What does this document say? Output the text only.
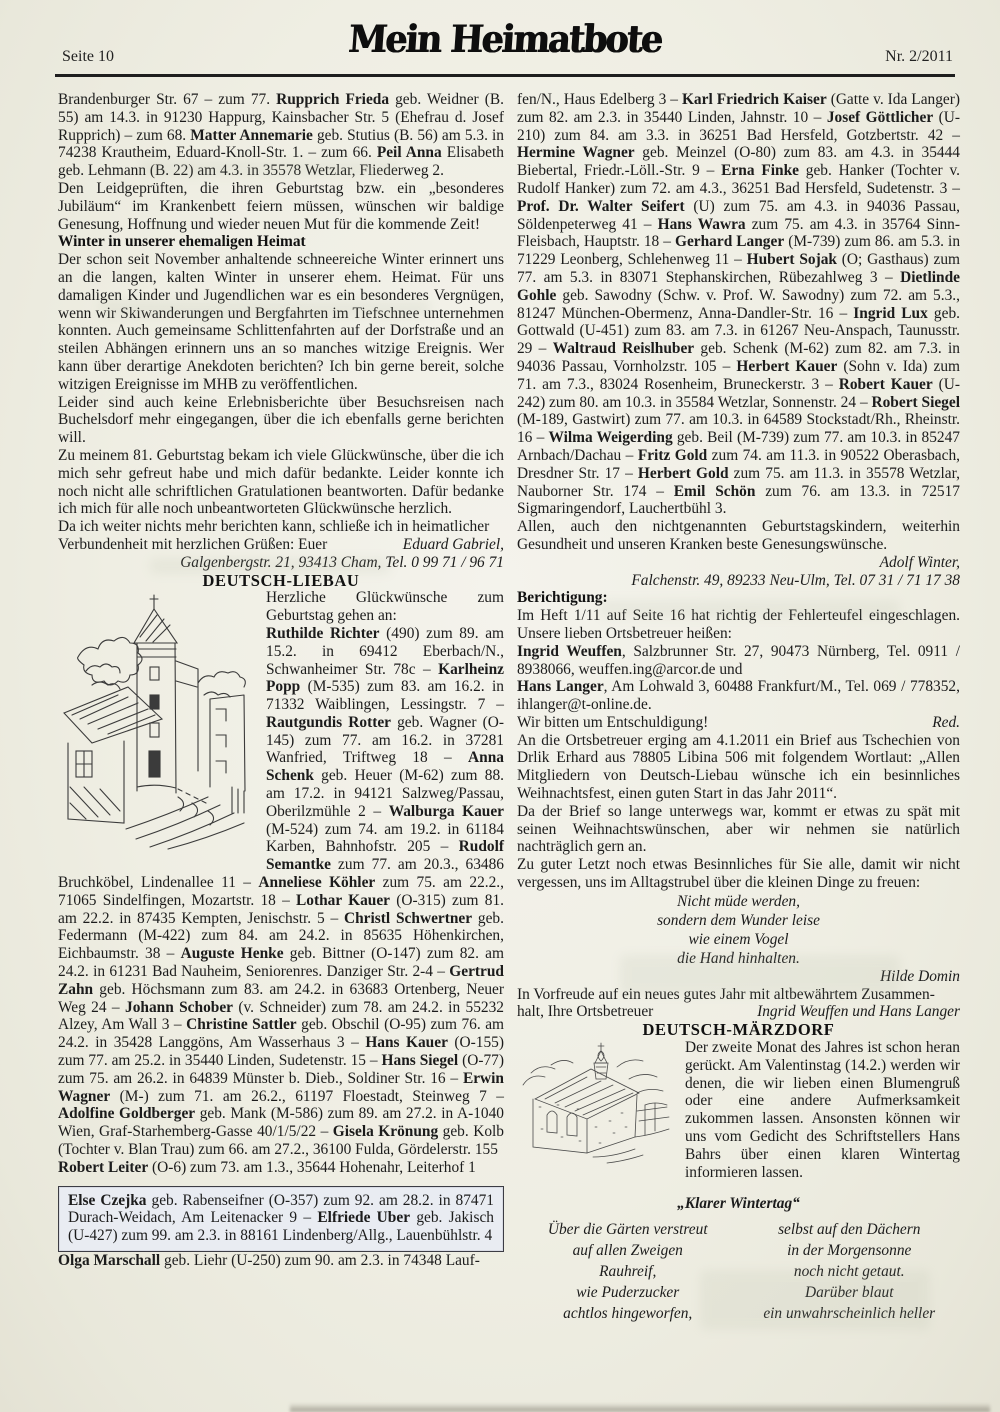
Seite 10	Mein Heimatbote	Nr. 2/2011

Brandenburger Str. 67 – zum 77. Rupprich Frieda geb. Weidner (B. 55) am 14.3. in 91230 Happurg, Kainsbacher Str. 5 (Ehefrau d. Josef Rupprich) – zum 68. Matter Annemarie geb. Stutius (B. 56) am 5.3. in 74238 Krautheim, Eduard-Knoll-Str. 1. – zum 66. Peil Anna Elisabeth geb. Lehmann (B. 22) am 4.3. in 35578 Wetzlar, Fliederweg 2.

Den Leidgeprüften, die ihren Geburtstag bzw. ein „besonderes Jubiläum“ im Krankenbett feiern müssen, wünschen wir baldige Genesung, Hoffnung und wieder neuen Mut für die kommende Zeit!

Winter in unserer ehemaligen Heimat

Der schon seit November anhaltende schneereiche Winter erinnert uns an die langen, kalten Winter in unserer ehem. Heimat. Für uns damaligen Kinder und Jugendlichen war es ein besonderes Vergnügen, wenn wir Skiwanderungen und Bergfahrten im Tiefschnee unternehmen konnten. Auch gemeinsame Schlittenfahrten auf der Dorfstraße und an steilen Abhängen erinnern uns an so manches witzige Ereignis. Wer kann über derartige Anekdoten berichten? Ich bin gerne bereit, solche witzigen Ereignisse im MHB zu veröffentlichen.

Leider sind auch keine Erlebnisberichte über Besuchsreisen nach Buchelsdorf mehr eingegangen, über die ich ebenfalls gerne berichten will.

Zu meinem 81. Geburtstag bekam ich viele Glückwünsche, über die ich mich sehr gefreut habe und mich dafür bedankte. Leider konnte ich noch nicht alle schriftlichen Gratulationen beantworten. Dafür bedanke ich mich für alle noch unbeantworteten Glückwünsche herzlich.

Da ich weiter nichts mehr berichten kann, schließe ich in heimatlicher

Verbundenheit mit herzlichen Grüßen: Euer	Eduard Gabriel,
Galgenbergstr. 21, 93413 Cham, Tel. 0 99 71 / 96 71
DEUTSCH-LIEBAU

Herzliche Glückwünsche zum Geburtstag gehen an:

Ruthilde Richter (490) zum 89. am 15.2. in 69412 Eberbach/N., Schwanheimer Str. 78c – Karlheinz Popp (M-535) zum 83. am 16.2. in 71332 Waiblingen, Lessingstr. 7 – Rautgundis Rotter geb. Wagner (O-145) zum 77. am 16.2. in 37281 Wanfried, Triftweg 18 – Anna Schenk geb. Heuer (M-62) zum 88. am 17.2. in 94121 Salzweg/Passau, Oberilzmühle 2 – Walburga Kauer (M-524) zum 74. am 19.2. in 61184 Karben, Bahnhofstr. 205 – Rudolf Semantke zum 77. am 20.3., 63486 Bruchköbel, Lindenallee 11 – Anneliese Köhler zum 75. am 22.2., 71065 Sindelfingen, Mozartstr. 18 – Lothar Kauer (O-315) zum 81. am 22.2. in 87435 Kempten, Jenischstr. 5 – Christl Schwertner geb. Federmann (M-422) zum 84. am 24.2. in 85635 Höhenkirchen, Eichbaumstr. 38 – Auguste Henke geb. Bittner (O-147) zum 82. am 24.2. in 61231 Bad Nauheim, Seniorenres. Danziger Str. 2-4 – Gertrud Zahn geb. Höchsmann zum 83. am 24.2. in 63683 Ortenberg, Neuer Weg 24 – Johann Schober (v. Schneider) zum 78. am 24.2. in 55232 Alzey, Am Wall 3 – Christine Sattler geb. Obschil (O-95) zum 76. am 24.2. in 35428 Langgöns, Am Wasserhaus 3 – Hans Kauer (O-155) zum 77. am 25.2. in 35440 Linden, Sudetenstr. 15 – Hans Siegel (O-77) zum 75. am 26.2. in 64839 Münster b. Dieb., Soldiner Str. 16 – Erwin Wagner (M-) zum 71. am 26.2., 61197 Floestadt, Steinweg 7 – Adolfine Goldberger geb. Mank (M-586) zum 89. am 27.2. in A-1040 Wien, Graf-Starhemberg-Gasse 40/1/5/22 – Gisela Krönung geb. Kolb (Tochter v. Blan Trau) zum 66. am 27.2., 36100 Fulda, Gördelerstr. 155

Robert Leiter (O-6) zum 73. am 1.3., 35644 Hohenahr, Leiterhof 1

Else Czejka geb. Rabenseifner (O-357) zum 92. am 28.2. in 87471 Durach-Weidach, Am Leitenacker 9 – Elfriede Uber geb. Jakisch (U-427) zum 99. am 2.3. in 88161 Lindenberg/Allg., Lauenbühlstr. 4

Olga Marschall geb. Liehr (U-250) zum 90. am 2.3. in 74348 Lauf-

fen/N., Haus Edelberg 3 – Karl Friedrich Kaiser (Gatte v. Ida Langer) zum 82. am 2.3. in 35440 Linden, Jahnstr. 10 – Josef Göttlicher (U-210) zum 84. am 3.3. in 36251 Bad Hersfeld, Gotzbertstr. 42 – Hermine Wagner geb. Meinzel (O-80) zum 83. am 4.3. in 35444 Biebertal, Friedr.-Löll.-Str. 9 – Erna Finke geb. Hanker (Tochter v. Rudolf Hanker) zum 72. am 4.3., 36251 Bad Hersfeld, Sudetenstr. 3 – Prof. Dr. Walter Seifert (U) zum 75. am 4.3. in 94036 Passau, Söldenpeterweg 41 – Hans Wawra zum 75. am 4.3. in 35764 Sinn-Fleisbach, Hauptstr. 18 – Gerhard Langer (M-739) zum 86. am 5.3. in 71229 Leonberg, Schlehenweg 11 – Hubert Sojak (O; Gasthaus) zum 77. am 5.3. in 83071 Stephanskirchen, Rübezahlweg 3 – Dietlinde Gohle geb. Sawodny (Schw. v. Prof. W. Sawodny) zum 72. am 5.3., 81247 München-Obermenz, Anna-Dandler-Str. 16 – Ingrid Lux geb. Gottwald (U-451) zum 83. am 7.3. in 61267 Neu-Anspach, Taunusstr. 29 – Waltraud Reislhuber geb. Schenk (M-62) zum 82. am 7.3. in 94036 Passau, Vornholzstr. 105 – Herbert Kauer (Sohn v. Ida) zum 71. am 7.3., 83024 Rosenheim, Bruneckerstr. 3 – Robert Kauer (U-242) zum 80. am 10.3. in 35584 Wetzlar, Sonnenstr. 24 – Robert Siegel (M-189, Gastwirt) zum 77. am 10.3. in 64589 Stockstadt/Rh., Rheinstr. 16 – Wilma Weigerding geb. Beil (M-739) zum 77. am 10.3. in 85247 Arnbach/Dachau – Fritz Gold zum 74. am 11.3. in 90522 Oberasbach, Dresdner Str. 17 – Herbert Gold zum 75. am 11.3. in 35578 Wetzlar, Nauborner Str. 174 – Emil Schön zum 76. am 13.3. in 72517 Sigmaringendorf, Lauchertbühl 3.

Allen, auch den nichtgenannten Geburtstagskindern, weiterhin Gesundheit und unseren Kranken beste Genesungswünsche.

Adolf Winter,
Falchenstr. 49, 89233 Neu-Ulm, Tel. 07 31 / 71 17 38
Berichtigung:

Im Heft 1/11 auf Seite 16 hat richtig der Fehlerteufel eingeschlagen. Unsere lieben Ortsbetreuer heißen:

Ingrid Weuffen, Salzbrunner Str. 27, 90473 Nürnberg, Tel. 0911 / 8938066, weuffen.ing@arcor.de und

Hans Langer, Am Lohwald 3, 60488 Frankfurt/M., Tel. 069 / 778352, ihlanger@t-online.de.

Wir bitten um Entschuldigung!	Red.

An die Ortsbetreuer erging am 4.1.2011 ein Brief aus Tschechien von Drlik Erhard aus 78805 Libina 506 mit folgendem Wortlaut: „Allen Mitgliedern von Deutsch-Liebau wünsche ich ein besinnliches Weihnachtsfest, einen guten Start in das Jahr 2011“.

Da der Brief so lange unterwegs war, kommt er etwas zu spät mit seinen Weihnachtswünschen, aber wir nehmen sie natürlich nachträglich gern an.

Zu guter Letzt noch etwas Besinnliches für Sie alle, damit wir nicht vergessen, uns im Alltagstrubel über die kleinen Dinge zu freuen:

Nicht müde werden,
sondern dem Wunder leise
wie einem Vogel
die Hand hinhalten.
Hilde Domin

In Vorfreude auf ein neues gutes Jahr mit altbewährtem Zusammen-

halt, Ihre Ortsbetreuer	Ingrid Weuffen und Hans Langer
DEUTSCH-MÄRZDORF

Der zweite Monat des Jahres ist schon heran gerückt. Am Valentinstag (14.2.) werden wir denen, die wir lieben einen Blumengruß oder eine andere Aufmerksamkeit zukommen lassen. Ansonsten können wir uns vom Gedicht des Schriftstellers Hans Bahrs über einen klaren Wintertag informieren lassen.

„Klarer Wintertag“
Über die Gärten verstreut
auf allen Zweigen
Rauhreif,
wie Puderzucker
achtlos hingeworfen,
selbst auf den Dächern
in der Morgensonne
noch nicht getaut.
Darüber blaut
ein unwahrscheinlich heller
